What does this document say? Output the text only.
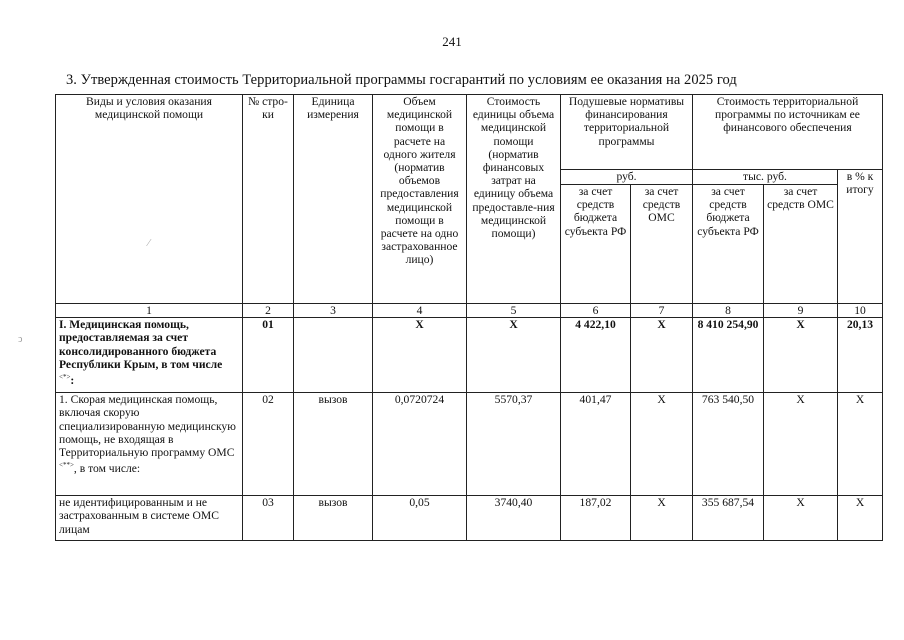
241
3. Утвержденная стоимость Территориальной программы госгарантий по условиям ее оказания на 2025 год
ↄ
⁄
Виды и условия оказания медицинской помощи	№ стро-ки	Единица измерения	Объем медицинской помощи в расчете на одного жителя (норматив объемов предоставления медицинской помощи в расчете на одно застрахованное лицо)	Стоимость единицы объема медицинской помощи (норматив финансовых затрат на единицу объема предоставле-ния медицинской помощи)	Подушевые нормативы финансирования территориальной программы		Стоимость территориальной программы по источникам ее финансового обеспечения		
					руб.		тыс. руб.		в % к итогу
					за счет средств бюджета субъекта РФ	за счет средств ОМС	за счет средств бюджета субъекта РФ	за счет средств ОМС	
1	2	3	4	5	6	7	8	9	10
I. Медицинская помощь, предоставляемая за счет консолидированного бюджета Республики Крым, в том числе <*>:	01		X	X	4 422,10	X	8 410 254,90	X	20,13
1. Скорая медицинская помощь, включая скорую специализированную медицинскую помощь, не входящая в Территориальную программу ОМС <**>, в том числе:	02	вызов	0,0720724	5570,37	401,47	X	763 540,50	X	X
не идентифицированным и не застрахованным в системе ОМС лицам	03	вызов	0,05	3740,40	187,02	X	355 687,54	X	X
